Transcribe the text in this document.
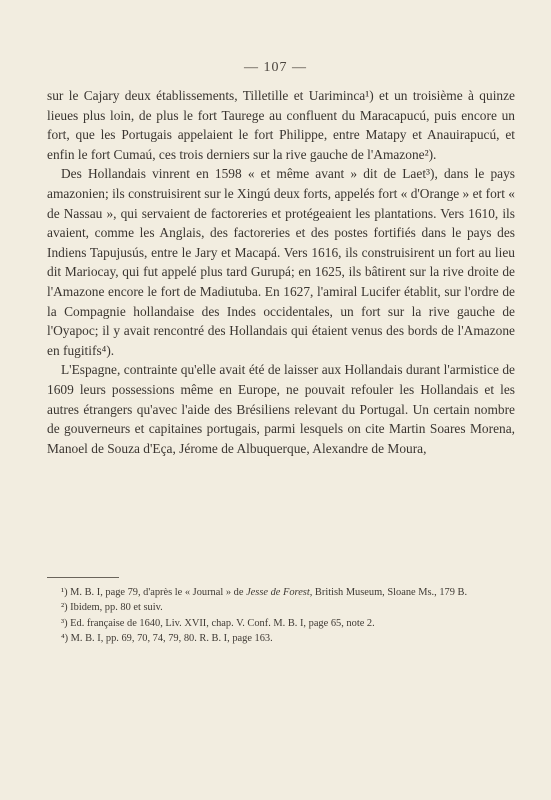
— 107 —

sur le Cajary deux établissements, Tilletille et Uariminca¹) et un troisième à quinze lieues plus loin, de plus le fort Taurege au confluent du Maracapucú, puis encore un fort, que les Portugais appelaient le fort Philippe, entre Matapy et Anauirapucú, et enfin le fort Cumaú, ces trois derniers sur la rive gauche de l'Amazone²).

Des Hollandais vinrent en 1598 « et même avant » dit de Laet³), dans le pays amazonien; ils construisirent sur le Xingú deux forts, appelés fort « d'Orange » et fort « de Nassau », qui servaient de factoreries et protégeaient les plantations. Vers 1610, ils avaient, comme les Anglais, des factoreries et des postes fortifiés dans le pays des Indiens Tapujusús, entre le Jary et Macapá. Vers 1616, ils construisirent un fort au lieu dit Mariocay, qui fut appelé plus tard Gurupá; en 1625, ils bâtirent sur la rive droite de l'Amazone encore le fort de Madiutuba. En 1627, l'amiral Lucifer établit, sur l'ordre de la Compagnie hollandaise des Indes occidentales, un fort sur la rive gauche de l'Oyapoc; il y avait rencontré des Hollandais qui étaient venus des bords de l'Amazone en fugitifs⁴).

L'Espagne, contrainte qu'elle avait été de laisser aux Hollandais durant l'armistice de 1609 leurs possessions même en Europe, ne pouvait refouler les Hollandais et les autres étrangers qu'avec l'aide des Brésiliens relevant du Portugal. Un certain nombre de gouverneurs et capitaines portugais, parmi lesquels on cite Martin Soares Morena, Manoel de Souza d'Eça, Jérome de Albuquerque, Alexandre de Moura,

¹) M. B. I, page 79, d'après le « Journal » de Jesse de Forest, British Museum, Sloane Ms., 179 B.

²) Ibidem, pp. 80 et suiv.

³) Ed. française de 1640, Liv. XVII, chap. V. Conf. M. B. I, page 65, note 2.

⁴) M. B. I, pp. 69, 70, 74, 79, 80. R. B. I, page 163.
